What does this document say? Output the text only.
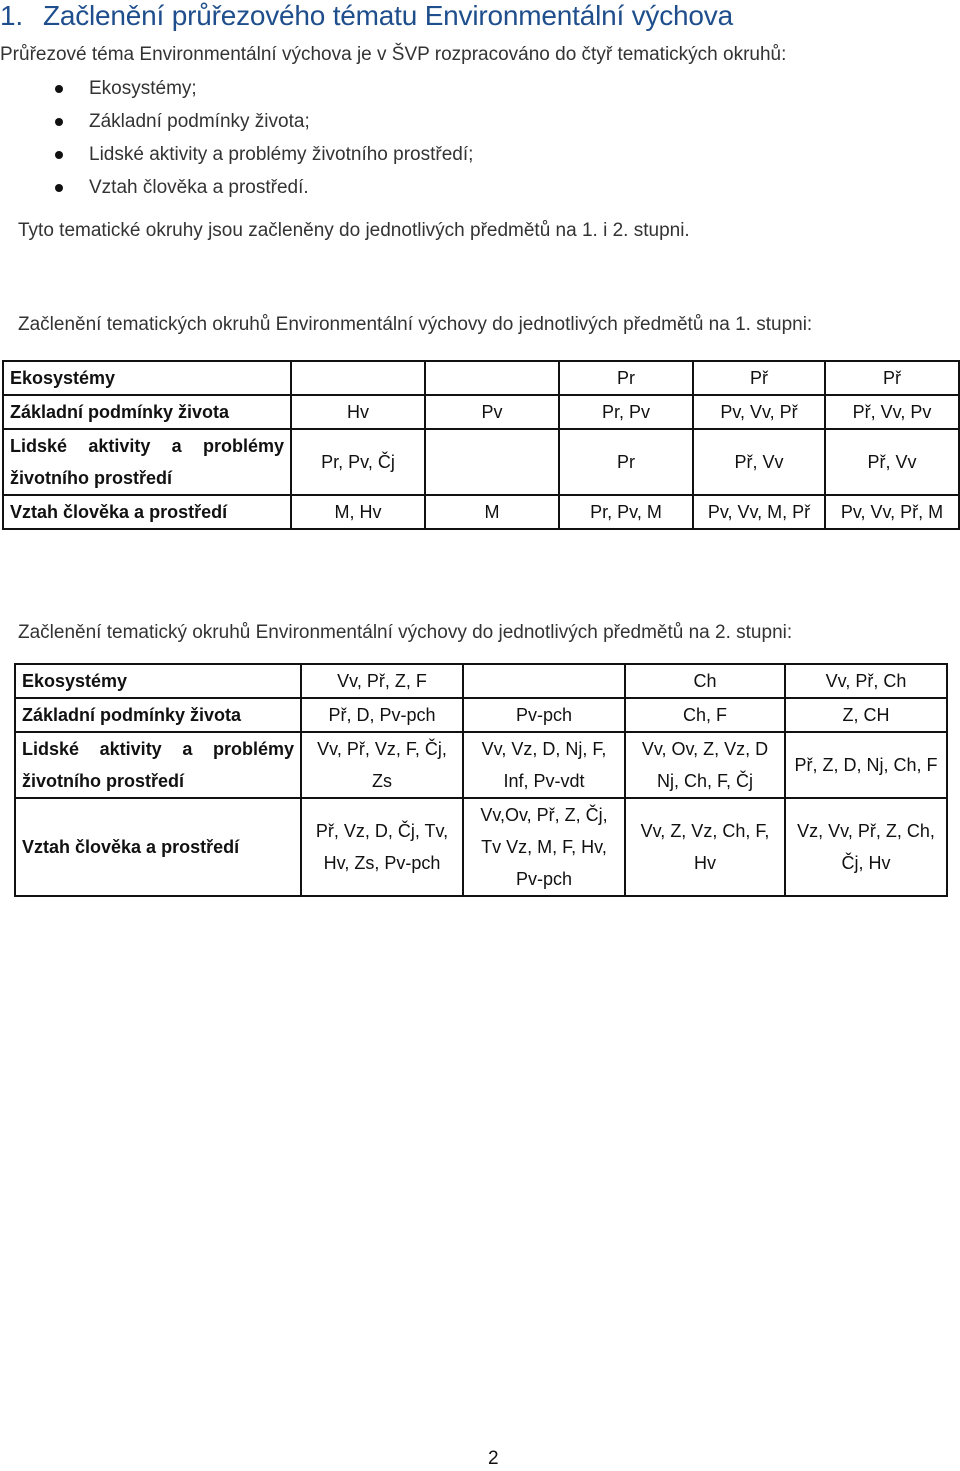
1. Začlenění průřezového tématu Environmentální výchova

Průřezové téma Environmentální výchova je v ŠVP rozpracováno do čtyř tematických okruhů:

Ekosystémy;
Základní podmínky života;
Lidské aktivity a problémy životního prostředí;
Vztah člověka a prostředí.

Tyto tematické okruhy jsou začleněny do jednotlivých předmětů na 1. i 2. stupni.

Začlenění tematických okruhů Environmentální výchovy do jednotlivých předmětů na 1. stupni:

Ekosystémy			Pr	Př	Př
Základní podmínky života	Hv	Pv	Pr, Pv	Pv, Vv, Př	Př, Vv, Pv
Lidské aktivity a problémy životního prostředí	Pr, Pv, Čj		Pr	Př, Vv	Př, Vv
Vztah člověka a prostředí	M, Hv	M	Pr, Pv, M	Pv, Vv, M, Př	Pv, Vv, Př, M

Začlenění tematický okruhů Environmentální výchovy do jednotlivých předmětů na 2. stupni:

Ekosystémy	Vv, Př, Z, F		Ch	Vv, Př, Ch
Základní podmínky života	Př, D, Pv-pch	Pv-pch	Ch, F	Z, CH
Lidské aktivity a problémy životního prostředí	Vv, Př, Vz, F, Čj, Zs	Vv, Vz, D, Nj, F, Inf, Pv-vdt	Vv, Ov, Z, Vz, D Nj, Ch, F, Čj	Př, Z, D, Nj, Ch, F
Vztah člověka a prostředí	Př, Vz, D, Čj, Tv, Hv, Zs, Pv-pch	Vv,Ov, Př, Z, Čj, Tv Vz, M, F, Hv, Pv-pch	Vv, Z, Vz, Ch, F, Hv	Vz, Vv, Př, Z, Ch, Čj, Hv
2
